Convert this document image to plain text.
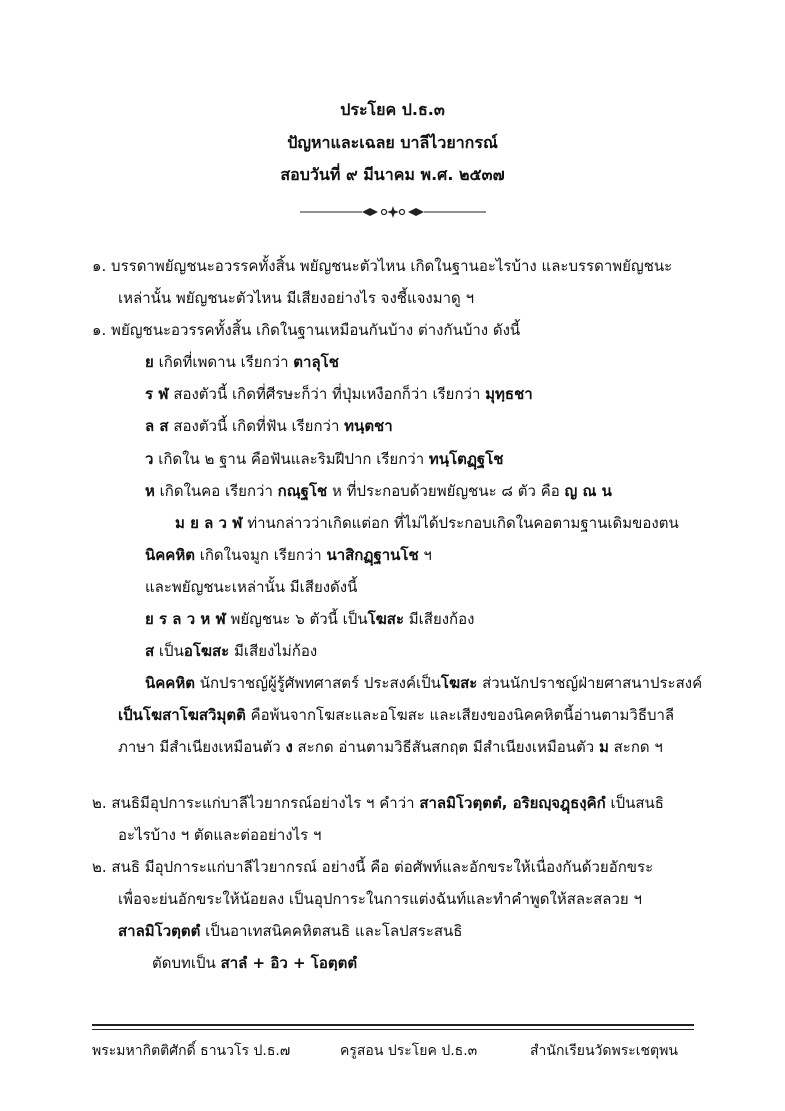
ประโยค ป.ธ.๓
ปัญหาและเฉลย บาลีไวยากรณ์
สอบวันที่ ๙ มีนาคม พ.ศ. ๒๕๓๗
๑. บรรดาพยัญชนะอวรรคทั้งสิ้น พยัญชนะตัวไหน เกิดในฐานอะไรบ้าง และบรรดาพยัญชนะ
เหล่านั้น พยัญชนะตัวไหน มีเสียงอย่างไร จงชี้แจงมาดู ฯ
๑. พยัญชนะอวรรคทั้งสิ้น เกิดในฐานเหมือนกันบ้าง ต่างกันบ้าง ดังนี้
ย เกิดที่เพดาน เรียกว่า ตาลุโช
ร ฬ สองตัวนี้ เกิดที่ศีรษะก็ว่า ที่ปุ่มเหงือกก็ว่า เรียกว่า มุทฺธชา
ล ส สองตัวนี้ เกิดที่ฟัน เรียกว่า ทนฺตชา
ว เกิดใน ๒ ฐาน คือฟันและริมฝีปาก เรียกว่า ทนฺโตฏฺฐโช
ห เกิดในคอ เรียกว่า กณฺฐโช ห ที่ประกอบด้วยพยัญชนะ ๘ ตัว คือ ญ ณ น
ม ย ล ว ฬ ท่านกล่าวว่าเกิดแต่อก ที่ไม่ได้ประกอบเกิดในคอตามฐานเดิมของตน
นิคคหิต เกิดในจมูก เรียกว่า นาสิกฏฺฐานโช ฯ
และพยัญชนะเหล่านั้น มีเสียงดังนี้
ย ร ล ว ห ฬ พยัญชนะ ๖ ตัวนี้ เป็นโฆสะ มีเสียงก้อง
ส เป็นอโฆสะ มีเสียงไม่ก้อง
นิคคหิต นักปราชญ์ผู้รู้ศัพทศาสตร์ ประสงค์เป็นโฆสะ ส่วนนักปราชญ์ฝ่ายศาสนาประสงค์
เป็นโฆสาโฆสวิมุตติ คือพ้นจากโฆสะและอโฆสะ และเสียงของนิคคหิตนี้อ่านตามวิธีบาลี
ภาษา มีสำเนียงเหมือนตัว ง สะกด อ่านตามวิธีสันสกฤต มีสำเนียงเหมือนตัว ม สะกด ฯ
๒. สนธิมีอุปการะแก่บาลีไวยากรณ์อย่างไร ฯ คำว่า สาลมิโวตฺตตํ, อริยญฺจฎฺธงฺคิกํ เป็นสนธิ
อะไรบ้าง ฯ ตัดและต่ออย่างไร ฯ
๒. สนธิ มีอุปการะแก่บาลีไวยากรณ์ อย่างนี้ คือ ต่อศัพท์และอักขระให้เนื่องกันด้วยอักขระ
เพื่อจะย่นอักขระให้น้อยลง เป็นอุปการะในการแต่งฉันท์และทำคำพูดให้สละสลวย ฯ
สาลมิโวตฺตตํ เป็นอาเทสนิคคหิตสนธิ และโลปสระสนธิ
ตัดบทเป็น สาลํ + อิว + โอตฺตตํ
พระมหากิตติศักดิ์ ธานวโร ป.ธ.๗	ครูสอน ประโยค ป.ธ.๓	สำนักเรียนวัดพระเชตุพน
